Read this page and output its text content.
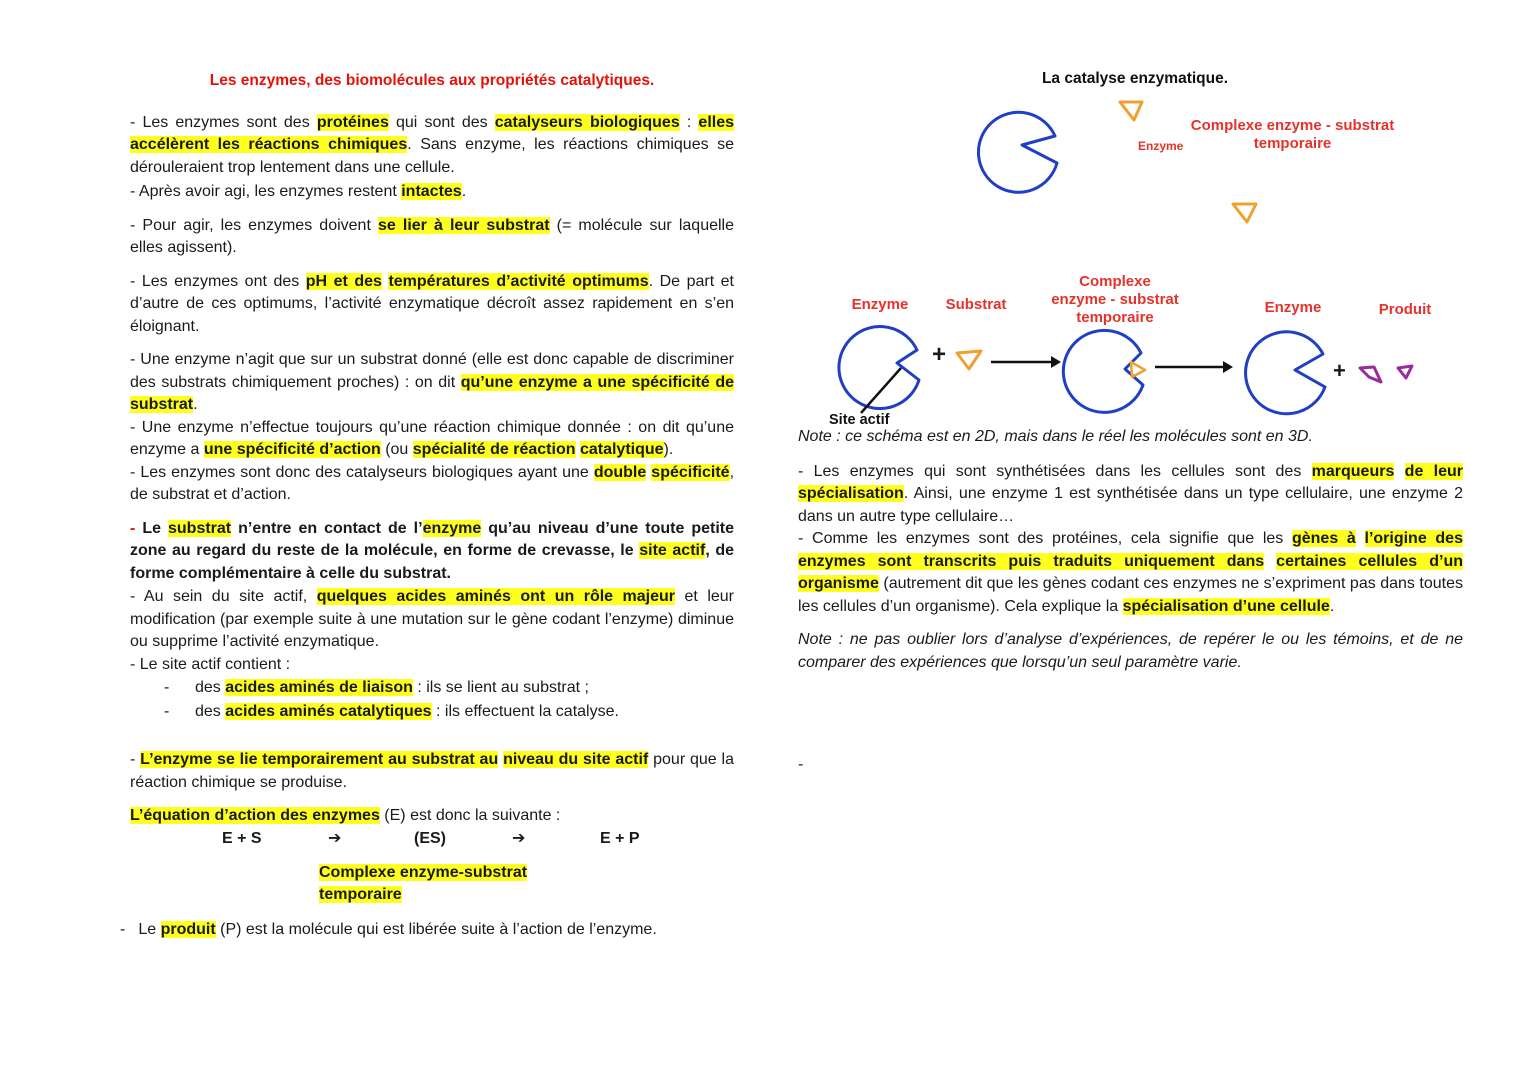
Les enzymes, des biomolécules aux propriétés catalytiques.

- Les enzymes sont des protéines qui sont des catalyseurs biologiques : elles accélèrent les réactions chimiques. Sans enzyme, les réactions chimiques se dérouleraient trop lentement dans une cellule.

- Après avoir agi, les enzymes restent intactes.

- Pour agir, les enzymes doivent se lier à leur substrat (= molécule sur laquelle elles agissent).

- Les enzymes ont des pH et des températures d’activité optimums. De part et d’autre de ces optimums, l’activité enzymatique décroît assez rapidement en s’en éloignant.

- Une enzyme n’agit que sur un substrat donné (elle est donc capable de discriminer des substrats chimiquement proches) : on dit qu’une enzyme a une spécificité de substrat.

- Une enzyme n’effectue toujours qu’une réaction chimique donnée : on dit qu’une enzyme a une spécificité d’action (ou spécialité de réaction catalytique).

- Les enzymes sont donc des catalyseurs biologiques ayant une double spécificité, de substrat et d’action.

- Le substrat n’entre en contact de l’enzyme qu’au niveau d’une toute petite zone au regard du reste de la molécule, en forme de crevasse, le site actif, de forme complémentaire à celle du substrat.

- Au sein du site actif, quelques acides aminés ont un rôle majeur et leur modification (par exemple suite à une mutation sur le gène codant l’enzyme) diminue ou supprime l’activité enzymatique.

- Le site actif contient :

- des acides aminés de liaison : ils se lient au substrat ;
- des acides aminés catalytiques : ils effectuent la catalyse.

- L’enzyme se lie temporairement au substrat au niveau du site actif pour que la réaction chimique se produise.

L’équation d’action des enzymes (E) est donc la suivante :

E + S	➔	(ES)	➔	E + P
Complexe enzyme-substrat
temporaire

- Le produit (P) est la molécule qui est libérée suite à l’action de l’enzyme.

La catalyse enzymatique.
Enzyme
Complexe enzyme - substrat
temporaire
Enzyme	Substrat
Complexe
enzyme - substrat
temporaire
Enzyme	Produit
+
+
Site actif

Note : ce schéma est en 2D, mais dans le réel les molécules sont en 3D.

- Les enzymes qui sont synthétisées dans les cellules sont des marqueurs de leur spécialisation. Ainsi, une enzyme 1 est synthétisée dans un type cellulaire, une enzyme 2 dans un autre type cellulaire…

- Comme les enzymes sont des protéines, cela signifie que les gènes à l’origine des enzymes sont transcrits puis traduits uniquement dans certaines cellules d’un organisme (autrement dit que les gènes codant ces enzymes ne s’expriment pas dans toutes les cellules d’un organisme). Cela explique la spécialisation d’une cellule.

Note : ne pas oublier lors d’analyse d’expériences, de repérer le ou les témoins, et de ne comparer des expériences que lorsqu’un seul paramètre varie.

-
